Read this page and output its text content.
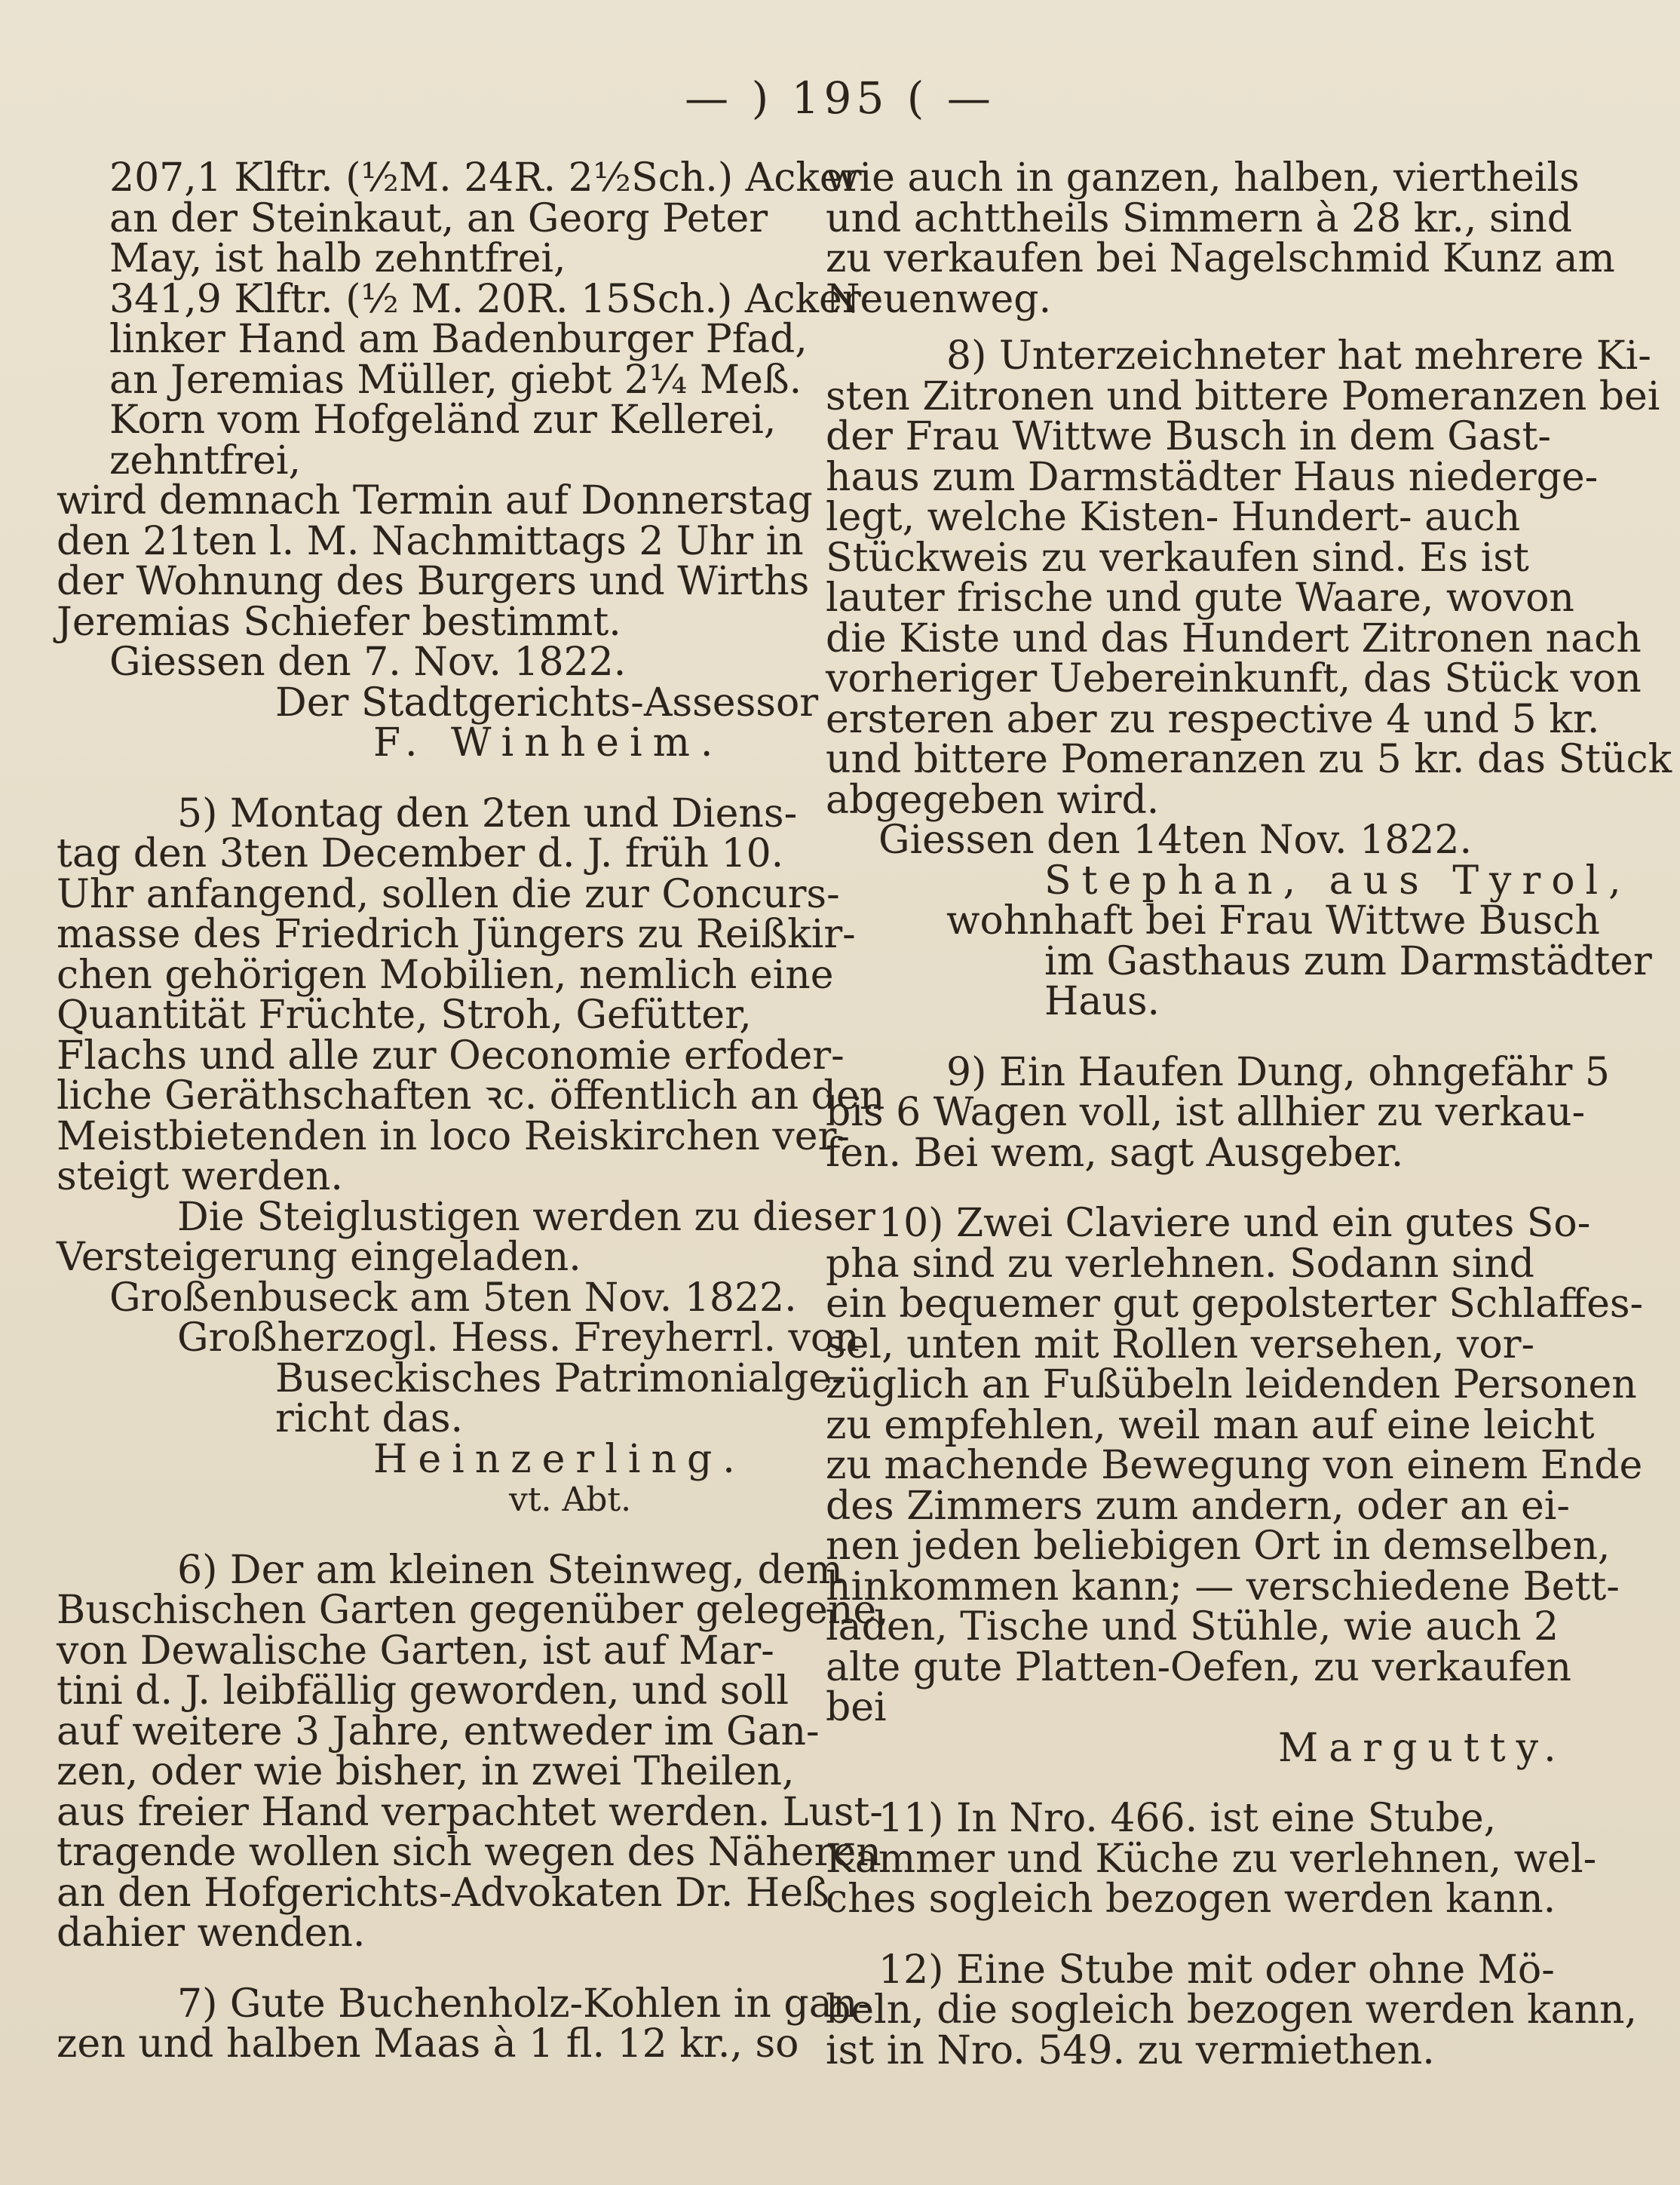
— ) 195 ( —
207,1 Klftr. (½M. 24R. 2½Sch.) Acker
an der Steinkaut, an Georg Peter
May, ist halb zehntfrei,
341,9 Klftr. (½ M. 20R. 15Sch.) Acker
linker Hand am Badenburger Pfad,
an Jeremias Müller, giebt 2¼ Meß.
Korn vom Hofgeländ zur Kellerei,
zehntfrei,
wird demnach Termin auf Donnerstag
den 21ten l. M. Nachmittags 2 Uhr in
der Wohnung des Burgers und Wirths
Jeremias Schiefer bestimmt.
Giessen den 7. Nov. 1822.
Der Stadtgerichts-Assessor
F. Winheim.
5) Montag den 2ten und Diens-
tag den 3ten December d. J. früh 10.
Uhr anfangend, sollen die zur Concurs-
masse des Friedrich Jüngers zu Reißkir-
chen gehörigen Mobilien, nemlich eine
Quantität Früchte, Stroh, Gefütter,
Flachs und alle zur Oeconomie erfoder-
liche Geräthschaften ꝛc. öffentlich an den
Meistbietenden in loco Reiskirchen ver-
steigt werden.
Die Steiglustigen werden zu dieser
Versteigerung eingeladen.
Großenbuseck am 5ten Nov. 1822.
Großherzogl. Hess. Freyherrl. von
Buseckisches Patrimonialge-
richt das.
Heinzerling.
vt. Abt.
6) Der am kleinen Steinweg, dem
Buschischen Garten gegenüber gelegene,
von Dewalische Garten, ist auf Mar-
tini d. J. leibfällig geworden, und soll
auf weitere 3 Jahre, entweder im Gan-
zen, oder wie bisher, in zwei Theilen,
aus freier Hand verpachtet werden. Lust-
tragende wollen sich wegen des Näheren
an den Hofgerichts-Advokaten Dr. Heß
dahier wenden.
7) Gute Buchenholz-Kohlen in gan-
zen und halben Maas à 1 fl. 12 kr., so
wie auch in ganzen, halben, viertheils
und achttheils Simmern à 28 kr., sind
zu verkaufen bei Nagelschmid Kunz am
Neuenweg.
8) Unterzeichneter hat mehrere Ki-
sten Zitronen und bittere Pomeranzen bei
der Frau Wittwe Busch in dem Gast-
haus zum Darmstädter Haus niederge-
legt, welche Kisten- Hundert- auch
Stückweis zu verkaufen sind. Es ist
lauter frische und gute Waare, wovon
die Kiste und das Hundert Zitronen nach
vorheriger Uebereinkunft, das Stück von
ersteren aber zu respective 4 und 5 kr.
und bittere Pomeranzen zu 5 kr. das Stück
abgegeben wird.
Giessen den 14ten Nov. 1822.
Stephan, aus Tyrol,
wohnhaft bei Frau Wittwe Busch
im Gasthaus zum Darmstädter
Haus.
9) Ein Haufen Dung, ohngefähr 5
bis 6 Wagen voll, ist allhier zu verkau-
fen. Bei wem, sagt Ausgeber.
10) Zwei Claviere und ein gutes So-
pha sind zu verlehnen. Sodann sind
ein bequemer gut gepolsterter Schlaffes-
sel, unten mit Rollen versehen, vor-
züglich an Fußübeln leidenden Personen
zu empfehlen, weil man auf eine leicht
zu machende Bewegung von einem Ende
des Zimmers zum andern, oder an ei-
nen jeden beliebigen Ort in demselben,
hinkommen kann; — verschiedene Bett-
laden, Tische und Stühle, wie auch 2
alte gute Platten-Oefen, zu verkaufen
bei
Margutty.
11) In Nro. 466. ist eine Stube,
Kammer und Küche zu verlehnen, wel-
ches sogleich bezogen werden kann.
12) Eine Stube mit oder ohne Mö-
beln, die sogleich bezogen werden kann,
ist in Nro. 549. zu vermiethen.
